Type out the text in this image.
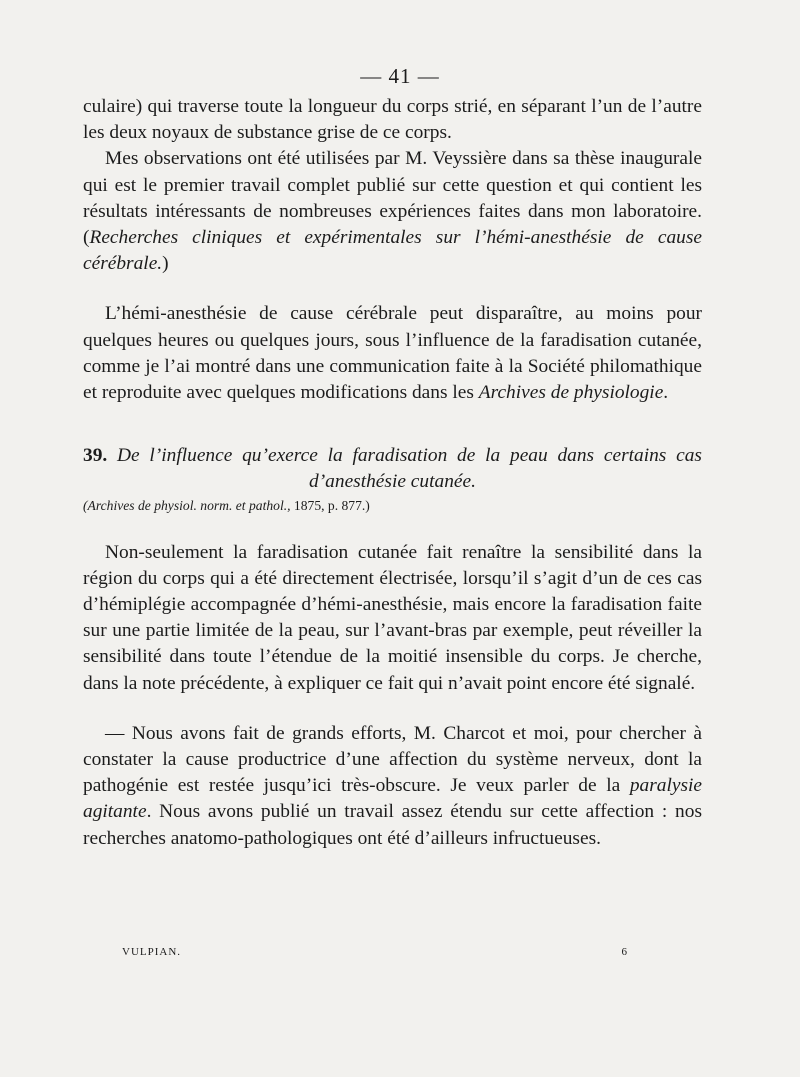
— 41 —

culaire) qui traverse toute la longueur du corps strié, en séparant l’un de l’autre les deux noyaux de substance grise de ce corps.

Mes observations ont été utilisées par M. Veyssière dans sa thèse inaugurale qui est le premier travail complet publié sur cette question et qui contient les résultats intéressants de nombreuses expériences faites dans mon laboratoire. (Recherches cliniques et expérimentales sur l’hémi-anesthésie de cause cérébrale.)

L’hémi-anesthésie de cause cérébrale peut disparaître, au moins pour quelques heures ou quelques jours, sous l’influence de la faradisation cutanée, comme je l’ai montré dans une communication faite à la Société philomathique et reproduite avec quelques modifications dans les Archives de physiologie.

39. De l’influence qu’exerce la faradisation de la peau dans certains cas d’anesthésie cutanée.

(Archives de physiol. norm. et pathol., 1875, p. 877.)

Non-seulement la faradisation cutanée fait renaître la sensibilité dans la région du corps qui a été directement électrisée, lorsqu’il s’agit d’un de ces cas d’hémiplégie accompagnée d’hémi-anesthésie, mais encore la faradisation faite sur une partie limitée de la peau, sur l’avant-bras par exemple, peut réveiller la sensibilité dans toute l’étendue de la moitié insensible du corps. Je cherche, dans la note précédente, à expliquer ce fait qui n’avait point encore été signalé.

— Nous avons fait de grands efforts, M. Charcot et moi, pour chercher à constater la cause productrice d’une affection du système nerveux, dont la pathogénie est restée jusqu’ici très-obscure. Je veux parler de la paralysie agitante. Nous avons publié un travail assez étendu sur cette affection : nos recherches anatomo-pathologiques ont été d’ailleurs infructueuses.

VULPIAN.	6
